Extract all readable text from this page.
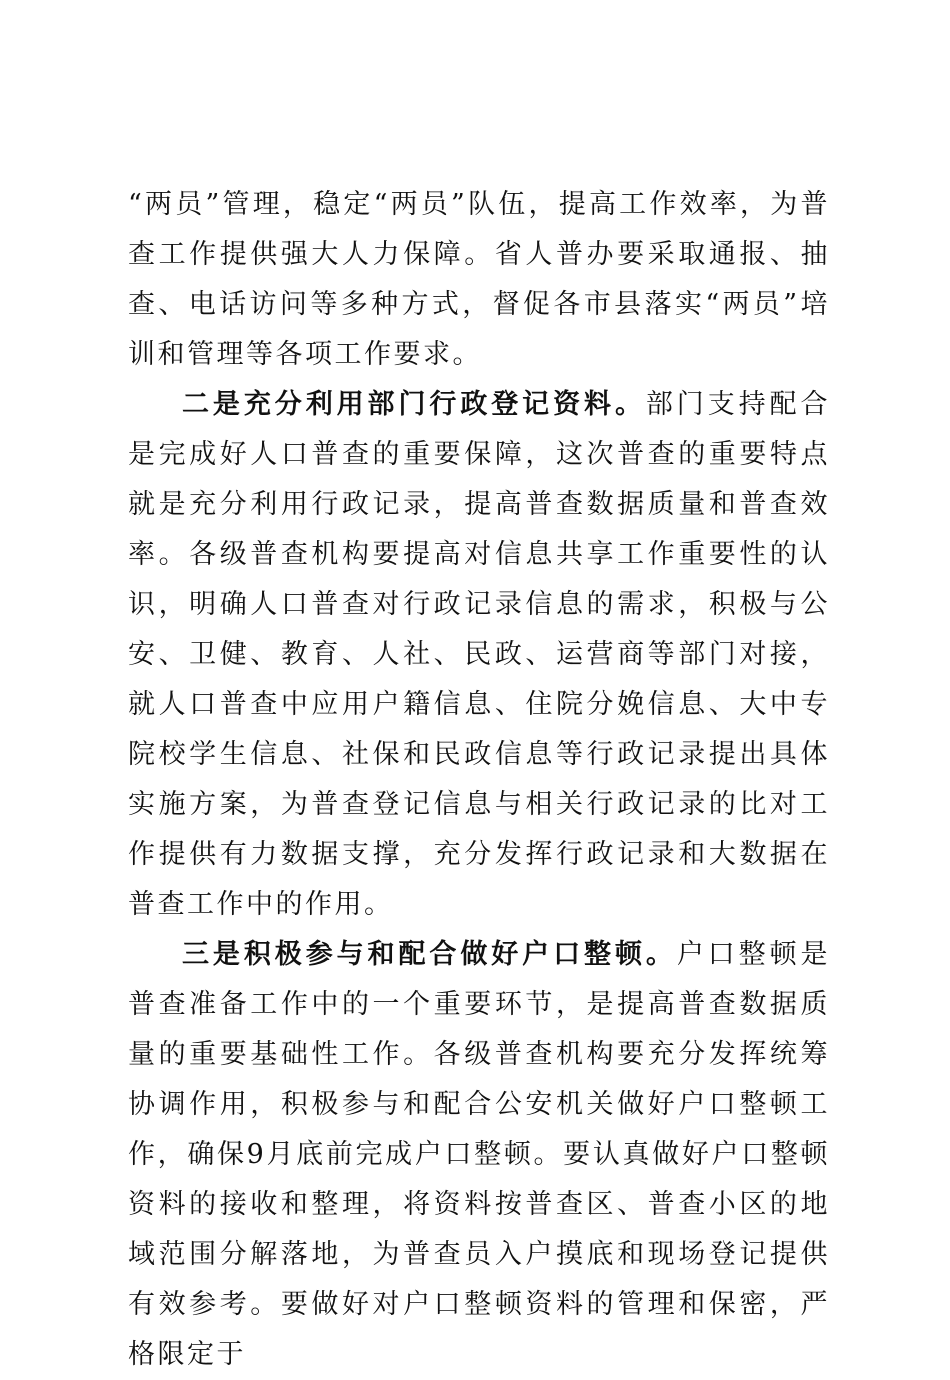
“两员”管理，稳定“两员”队伍，提高工作效率，为普查工作提供强大人力保障。省人普办要采取通报、抽查、电话访问等多种方式，督促各市县落实“两员”培训和管理等各项工作要求。

二是充分利用部门行政登记资料。部门支持配合是完成好人口普查的重要保障，这次普查的重要特点就是充分利用行政记录，提高普查数据质量和普查效率。各级普查机构要提高对信息共享工作重要性的认识，明确人口普查对行政记录信息的需求，积极与公安、卫健、教育、人社、民政、运营商等部门对接，就人口普查中应用户籍信息、住院分娩信息、大中专院校学生信息、社保和民政信息等行政记录提出具体实施方案，为普查登记信息与相关行政记录的比对工作提供有力数据支撑，充分发挥行政记录和大数据在普查工作中的作用。

三是积极参与和配合做好户口整顿。户口整顿是普查准备工作中的一个重要环节，是提高普查数据质量的重要基础性工作。各级普查机构要充分发挥统筹协调作用，积极参与和配合公安机关做好户口整顿工作，确保9月底前完成户口整顿。要认真做好户口整顿资料的接收和整理，将资料按普查区、普查小区的地域范围分解落地，为普查员入户摸底和现场登记提供有效参考。要做好对户口整顿资料的管理和保密，严格限定于
